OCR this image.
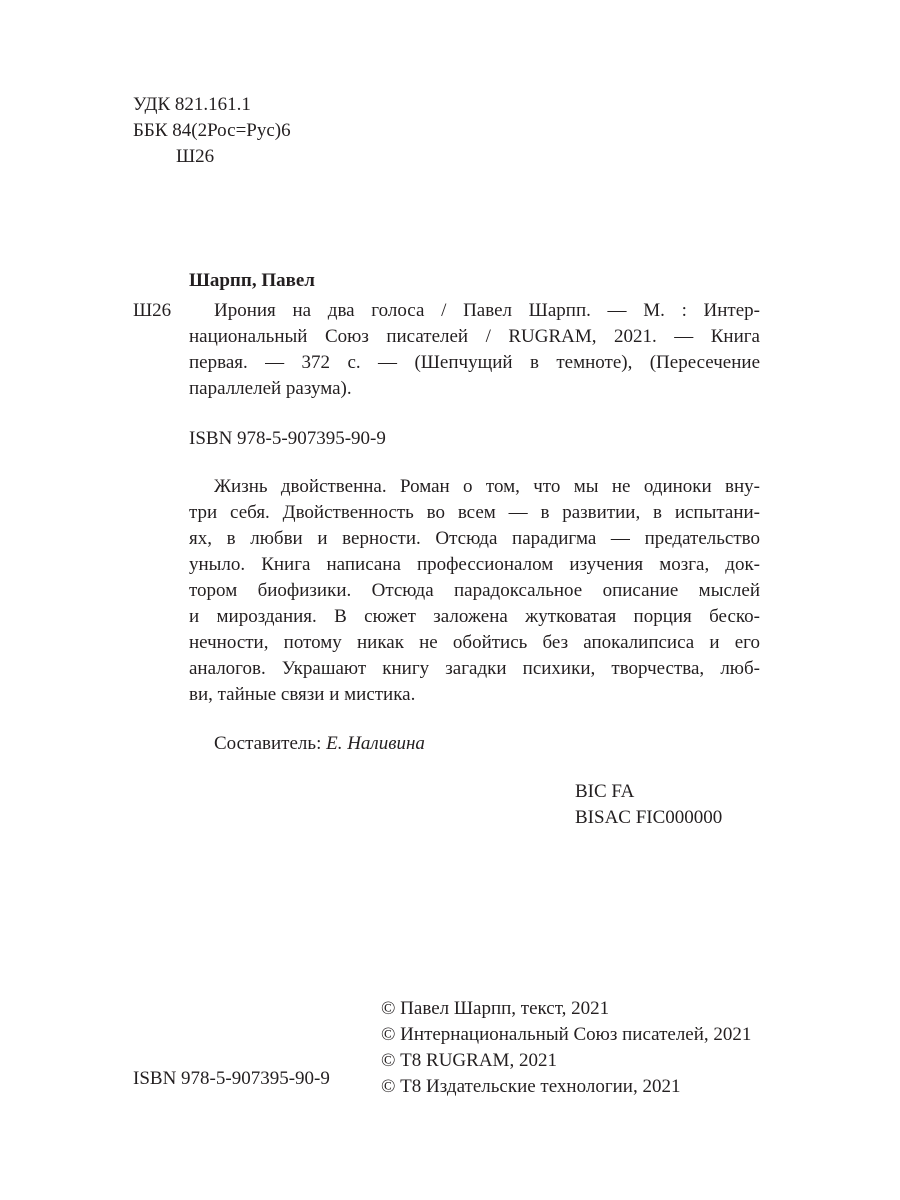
УДК 821.161.1
ББК 84(2Рос=Рус)6
Ш26
Шарпп, Павел
Ш26	Ирония на два голоса / Павел Шарпп. — М. : Интер-
национальный Союз писателей / RUGRAM, 2021. — Книга
первая. — 372 с. — (Шепчущий в темноте), (Пересечение
параллелей разума).
ISBN 978-5-907395-90-9
Жизнь двойственна. Роман о том, что мы не одиноки вну-
три себя. Двойственность во всем — в развитии, в испытани-
ях, в любви и верности. Отсюда парадигма — предательство
уныло. Книга написана профессионалом изучения мозга, док-
тором биофизики. Отсюда парадоксальное описание мыслей
и мироздания. В сюжет заложена жутковатая порция беско-
нечности, потому никак не обойтись без апокалипсиса и его
аналогов. Украшают книгу загадки психики, творчества, люб-
ви, тайные связи и мистика.
Составитель: Е. Наливина
BIC FA
BISAC FIC000000
© Павел Шарпп, текст, 2021
© Интернациональный Союз писателей, 2021
© Т8 RUGRAM, 2021
© Т8 Издательские технологии, 2021
ISBN 978-5-907395-90-9
